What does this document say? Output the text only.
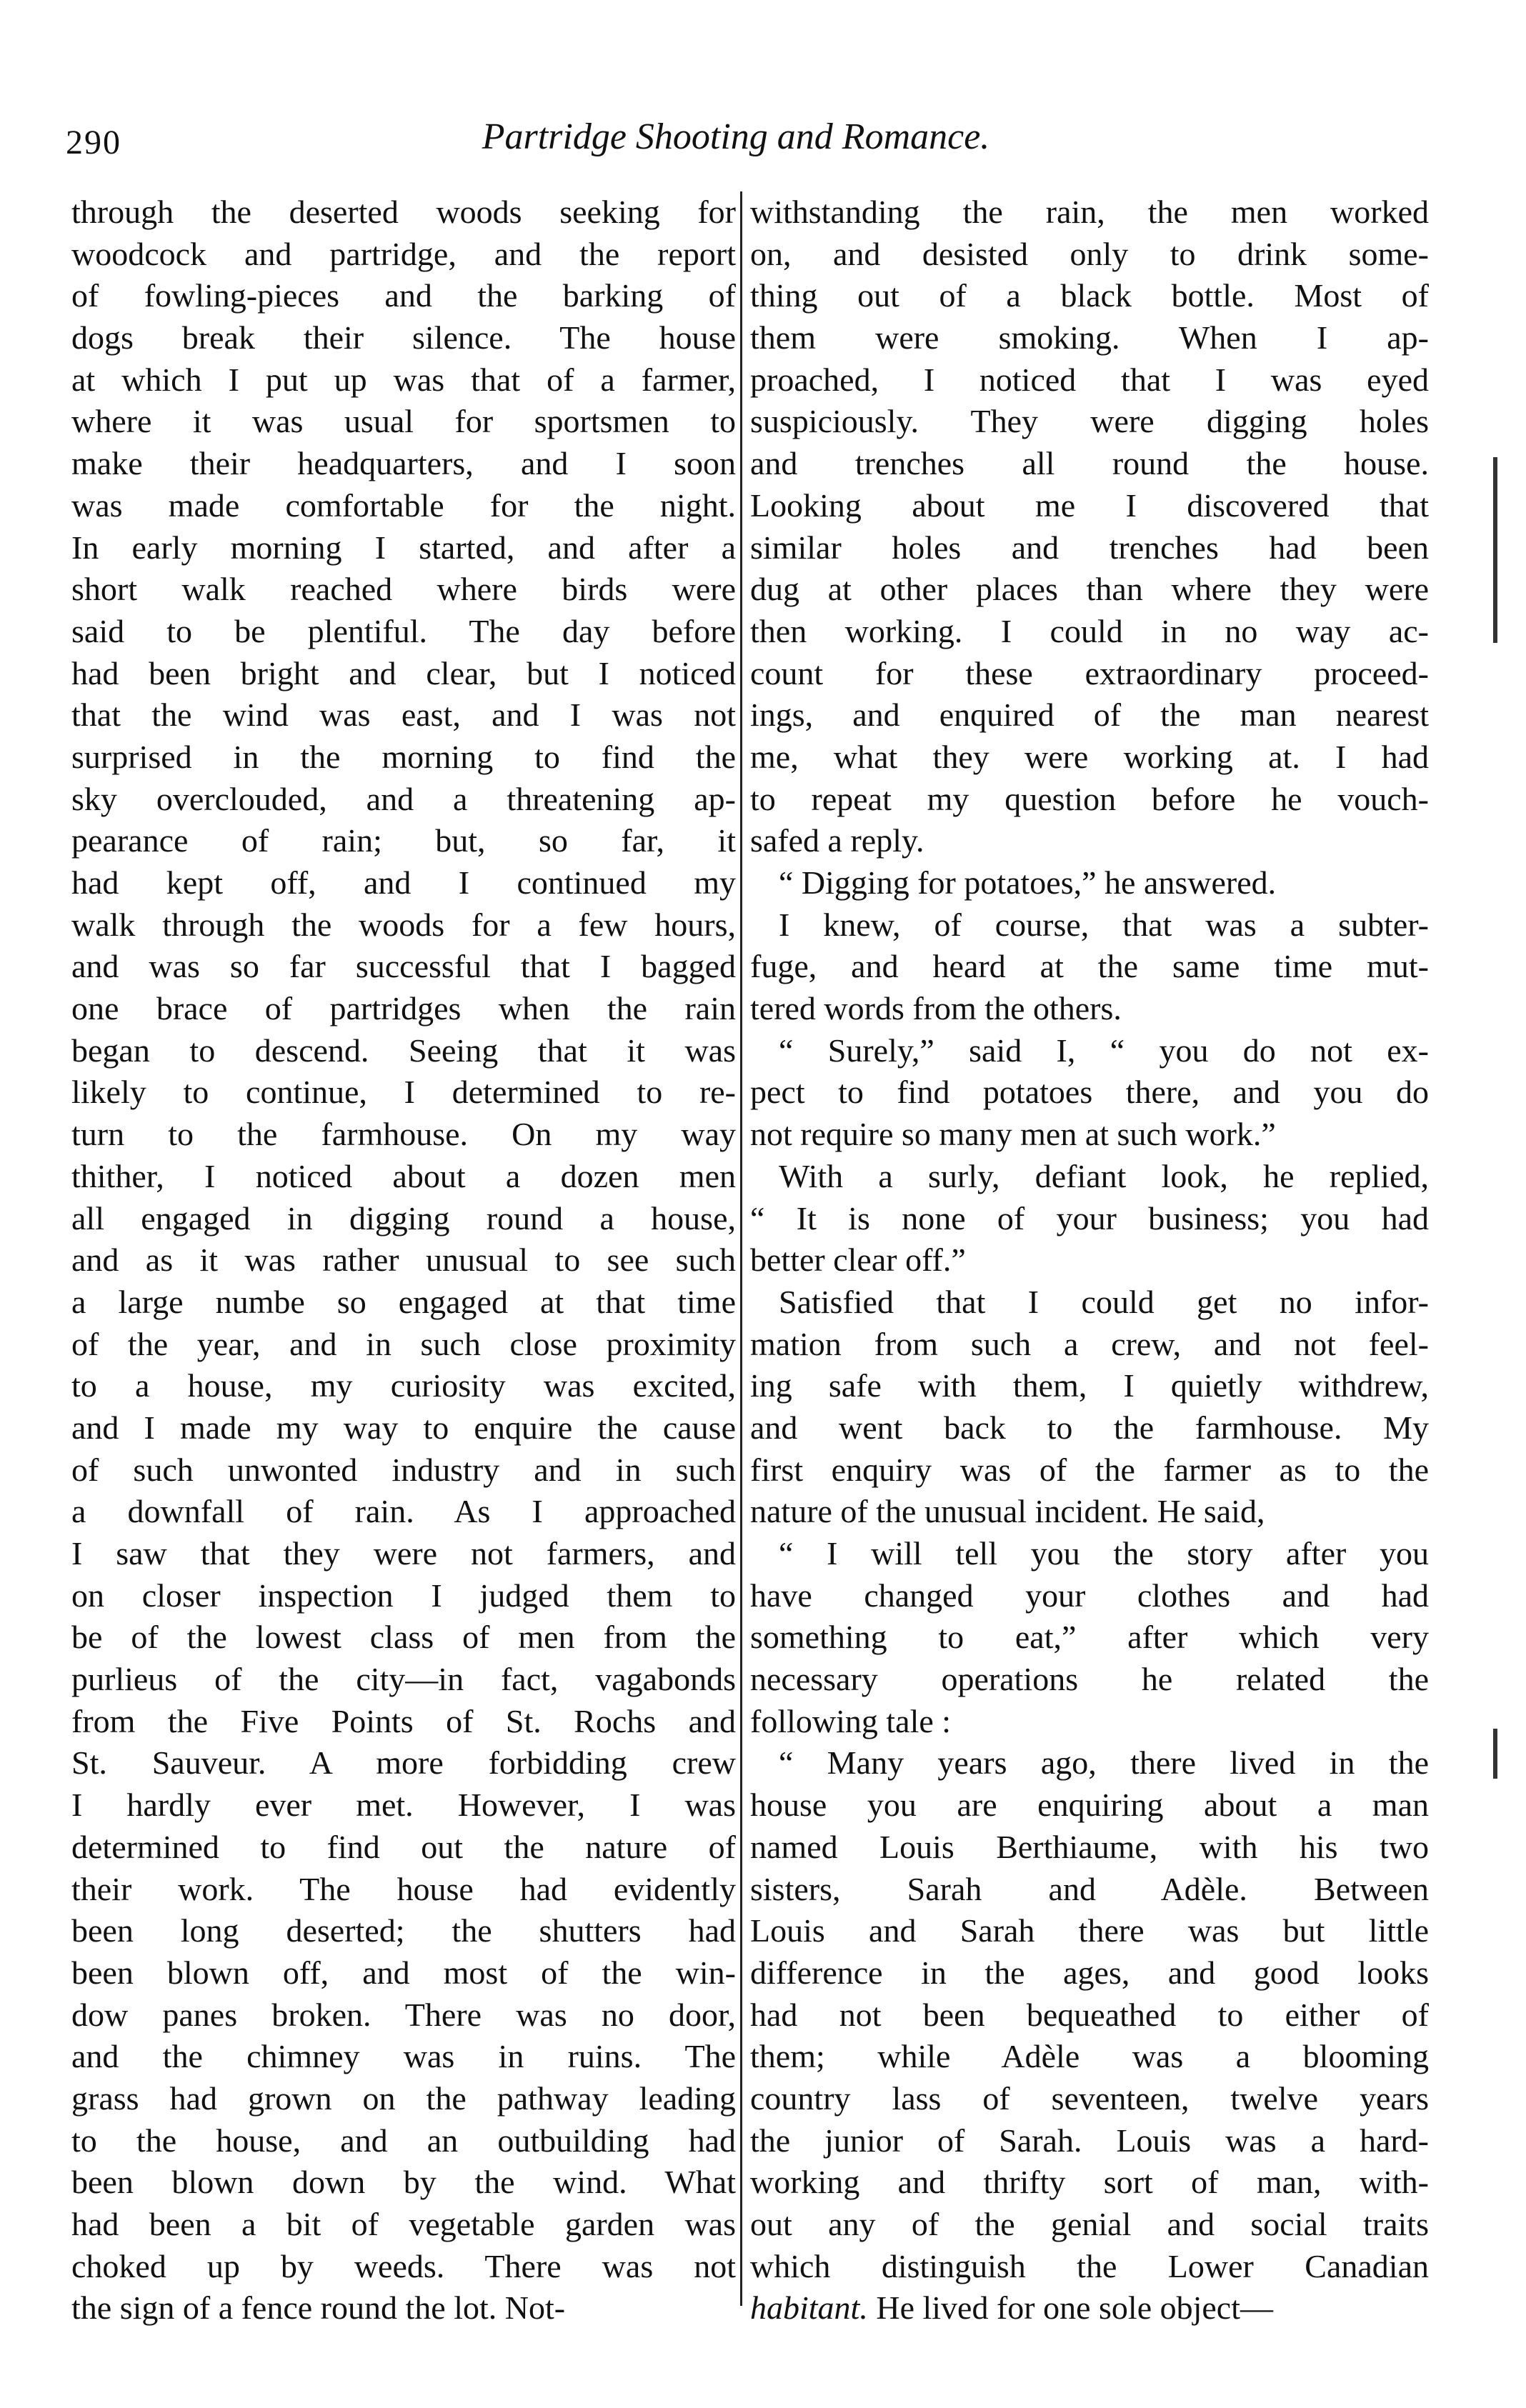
290	Partridge Shooting and Romance.
through the deserted woods seeking for
woodcock and partridge, and the report
of fowling-pieces and the barking of
dogs break their silence. The house
at which I put up was that of a farmer,
where it was usual for sportsmen to
make their headquarters, and I soon
was made comfortable for the night.
In early morning I started, and after a
short walk reached where birds were
said to be plentiful. The day before
had been bright and clear, but I noticed
that the wind was east, and I was not
surprised in the morning to find the
sky overclouded, and a threatening ap-
pearance of rain; but, so far, it
had kept off, and I continued my
walk through the woods for a few hours,
and was so far successful that I bagged
one brace of partridges when the rain
began to descend. Seeing that it was
likely to continue, I determined to re-
turn to the farmhouse. On my way
thither, I noticed about a dozen men
all engaged in digging round a house,
and as it was rather unusual to see such
a large numbe so engaged at that time
of the year, and in such close proximity
to a house, my curiosity was excited,
and I made my way to enquire the cause
of such unwonted industry and in such
a downfall of rain. As I approached
I saw that they were not farmers, and
on closer inspection I judged them to
be of the lowest class of men from the
purlieus of the city—in fact, vagabonds
from the Five Points of St. Rochs and
St. Sauveur. A more forbidding crew
I hardly ever met. However, I was
determined to find out the nature of
their work. The house had evidently
been long deserted; the shutters had
been blown off, and most of the win-
dow panes broken. There was no door,
and the chimney was in ruins. The
grass had grown on the pathway leading
to the house, and an outbuilding had
been blown down by the wind. What
had been a bit of vegetable garden was
choked up by weeds. There was not
the sign of a fence round the lot. Not-
withstanding the rain, the men worked
on, and desisted only to drink some-
thing out of a black bottle. Most of
them were smoking. When I ap-
proached, I noticed that I was eyed
suspiciously. They were digging holes
and trenches all round the house.
Looking about me I discovered that
similar holes and trenches had been
dug at other places than where they were
then working. I could in no way ac-
count for these extraordinary proceed-
ings, and enquired of the man nearest
me, what they were working at. I had
to repeat my question before he vouch-
safed a reply.
“ Digging for potatoes,” he answered.
I knew, of course, that was a subter-
fuge, and heard at the same time mut-
tered words from the others.
“ Surely,” said I, “ you do not ex-
pect to find potatoes there, and you do
not require so many men at such work.”
With a surly, defiant look, he replied,
“ It is none of your business; you had
better clear off.”
Satisfied that I could get no infor-
mation from such a crew, and not feel-
ing safe with them, I quietly withdrew,
and went back to the farmhouse. My
first enquiry was of the farmer as to the
nature of the unusual incident. He said,
“ I will tell you the story after you
have changed your clothes and had
something to eat,” after which very
necessary operations he related the
following tale :
“ Many years ago, there lived in the
house you are enquiring about a man
named Louis Berthiaume, with his two
sisters, Sarah and Adèle. Between
Louis and Sarah there was but little
difference in the ages, and good looks
had not been bequeathed to either of
them; while Adèle was a blooming
country lass of seventeen, twelve years
the junior of Sarah. Louis was a hard-
working and thrifty sort of man, with-
out any of the genial and social traits
which distinguish the Lower Canadian
habitant. He lived for one sole object—
